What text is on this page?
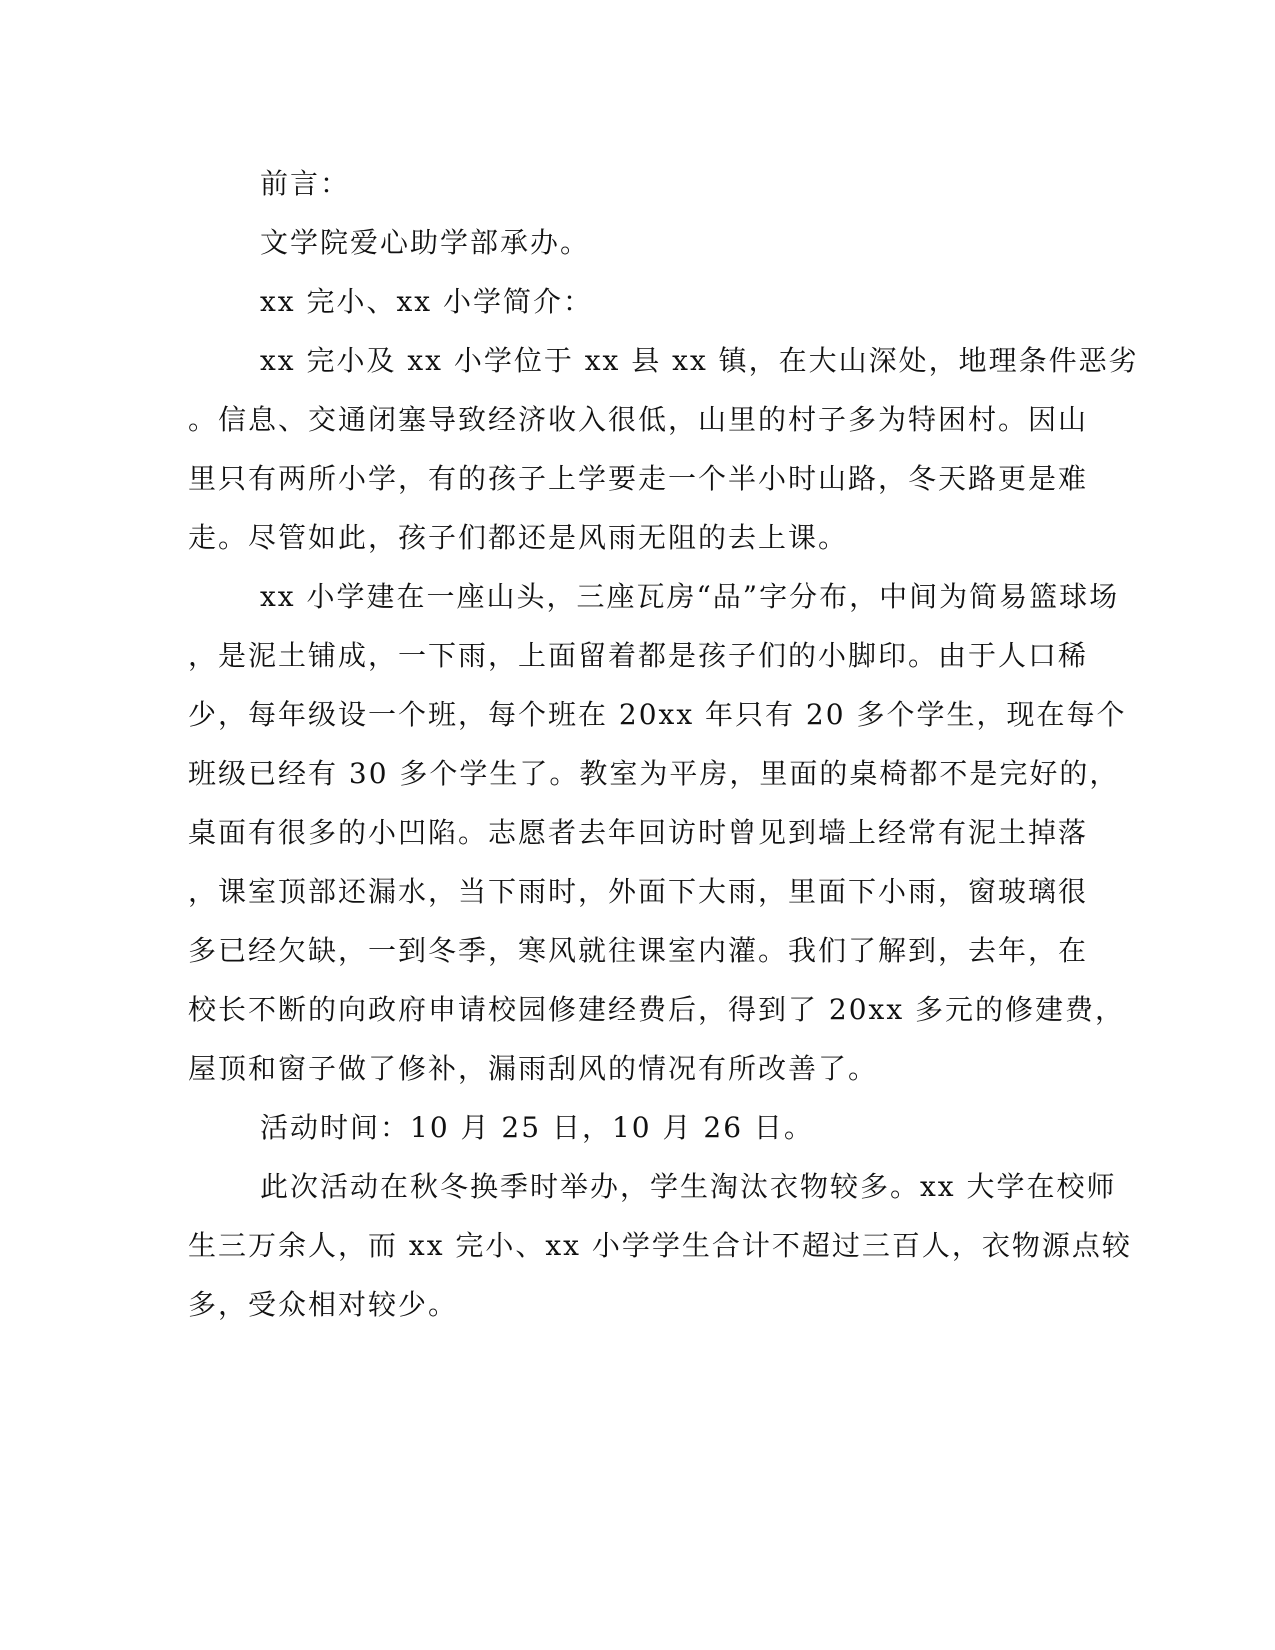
前言：
文学院爱心助学部承办。
xx 完小、xx 小学简介：
xx 完小及 xx 小学位于 xx 县 xx 镇，在大山深处，地理条件恶劣
。信息、交通闭塞导致经济收入很低，山里的村子多为特困村。因山
里只有两所小学，有的孩子上学要走一个半小时山路，冬天路更是难
走。尽管如此，孩子们都还是风雨无阻的去上课。
xx 小学建在一座山头，三座瓦房“品”字分布，中间为简易篮球场
，是泥土铺成，一下雨，上面留着都是孩子们的小脚印。由于人口稀
少，每年级设一个班，每个班在 20xx 年只有 20 多个学生，现在每个
班级已经有 30 多个学生了。教室为平房，里面的桌椅都不是完好的，
桌面有很多的小凹陷。志愿者去年回访时曾见到墙上经常有泥土掉落
，课室顶部还漏水，当下雨时，外面下大雨，里面下小雨，窗玻璃很
多已经欠缺，一到冬季，寒风就往课室内灌。我们了解到，去年，在
校长不断的向政府申请校园修建经费后，得到了 20xx 多元的修建费，
屋顶和窗子做了修补，漏雨刮风的情况有所改善了。
活动时间：10 月 25 日，10 月 26 日。
此次活动在秋冬换季时举办，学生淘汰衣物较多。xx 大学在校师
生三万余人，而 xx 完小、xx 小学学生合计不超过三百人，衣物源点较
多，受众相对较少。
